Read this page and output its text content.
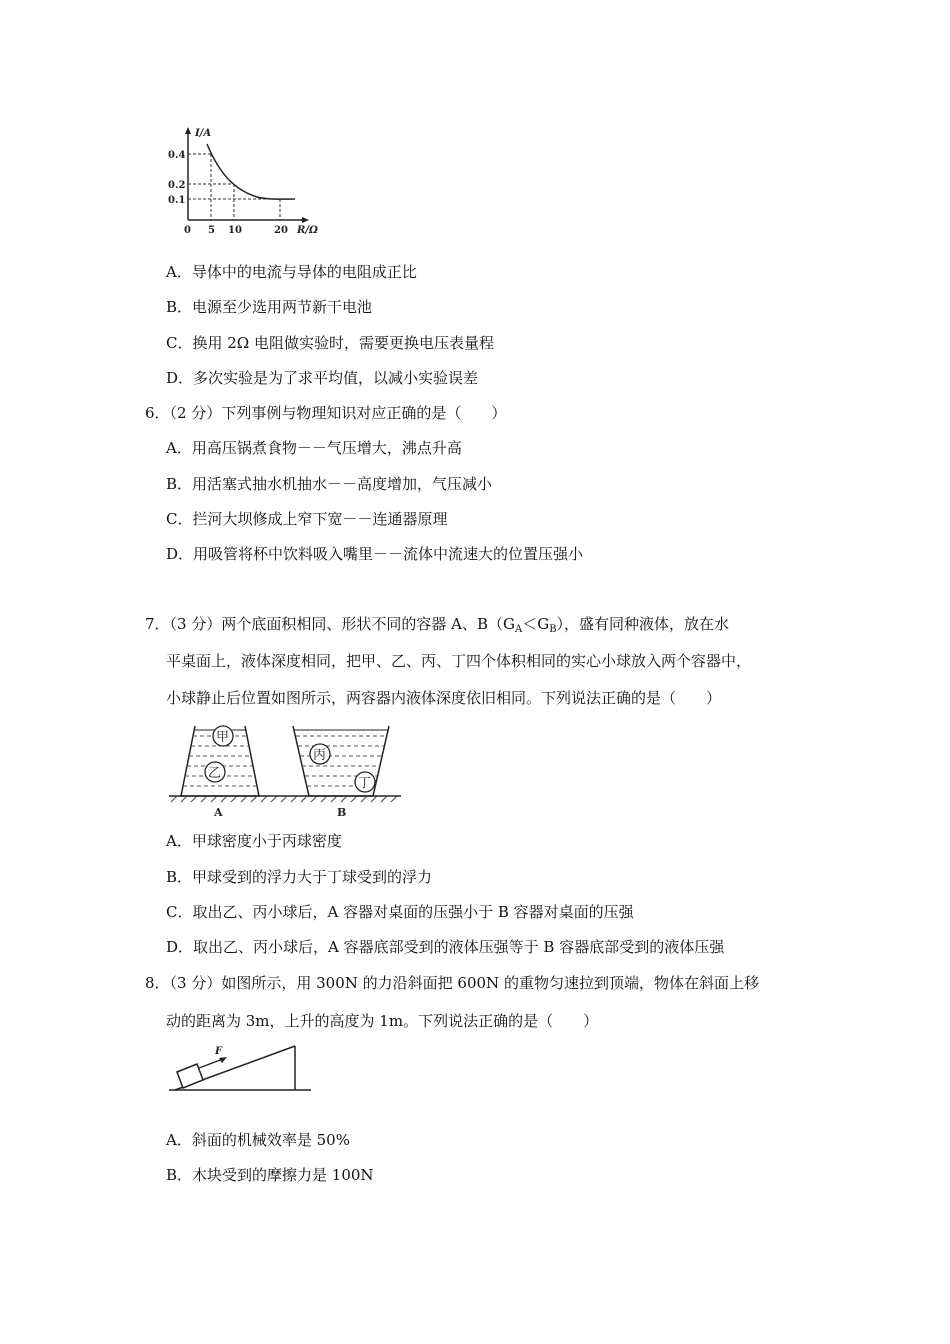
I/A
0.4
0.2
0.1
0 5 10	20 R/Ω
A．导体中的电流与导体的电阻成正比
B．电源至少选用两节新干电池
C．换用 2Ω 电阻做实验时，需要更换电压表量程
D．多次实验是为了求平均值，以减小实验误差
6．（2 分）下列事例与物理知识对应正确的是（　　）
A．用高压锅煮食物－－气压增大，沸点升高
B．用活塞式抽水机抽水－－高度增加，气压减小
C．拦河大坝修成上窄下宽－－连通器原理
D．用吸管将杯中饮料吸入嘴里－－流体中流速大的位置压强小
7．（3 分）两个底面积相同、形状不同的容器 A、$B(G_A<G_B)$，盛有同种液体，放在水
平桌面上，液体深度相同，把甲、乙、丙、丁四个体积相同的实心小球放入两个容器中，
小球静止后位置如图所示，两容器内液体深度依旧相同。下列说法正确的是（　　）
甲
乙
丙
丁
A	B
A．甲球密度小于丙球密度
B．甲球受到的浮力大于丁球受到的浮力
C．取出乙、丙小球后，A 容器对桌面的压强小于 B 容器对桌面的压强
D．取出乙、丙小球后，A 容器底部受到的液体压强等于 B 容器底部受到的液体压强
8．（3 分）如图所示，用 300N 的力沿斜面把 600N 的重物匀速拉到顶端，物体在斜面上移
动的距离为 3m，上升的高度为 1m。下列说法正确的是（　　）
F
A．斜面的机械效率是 50%
B．木块受到的摩擦力是 100N
